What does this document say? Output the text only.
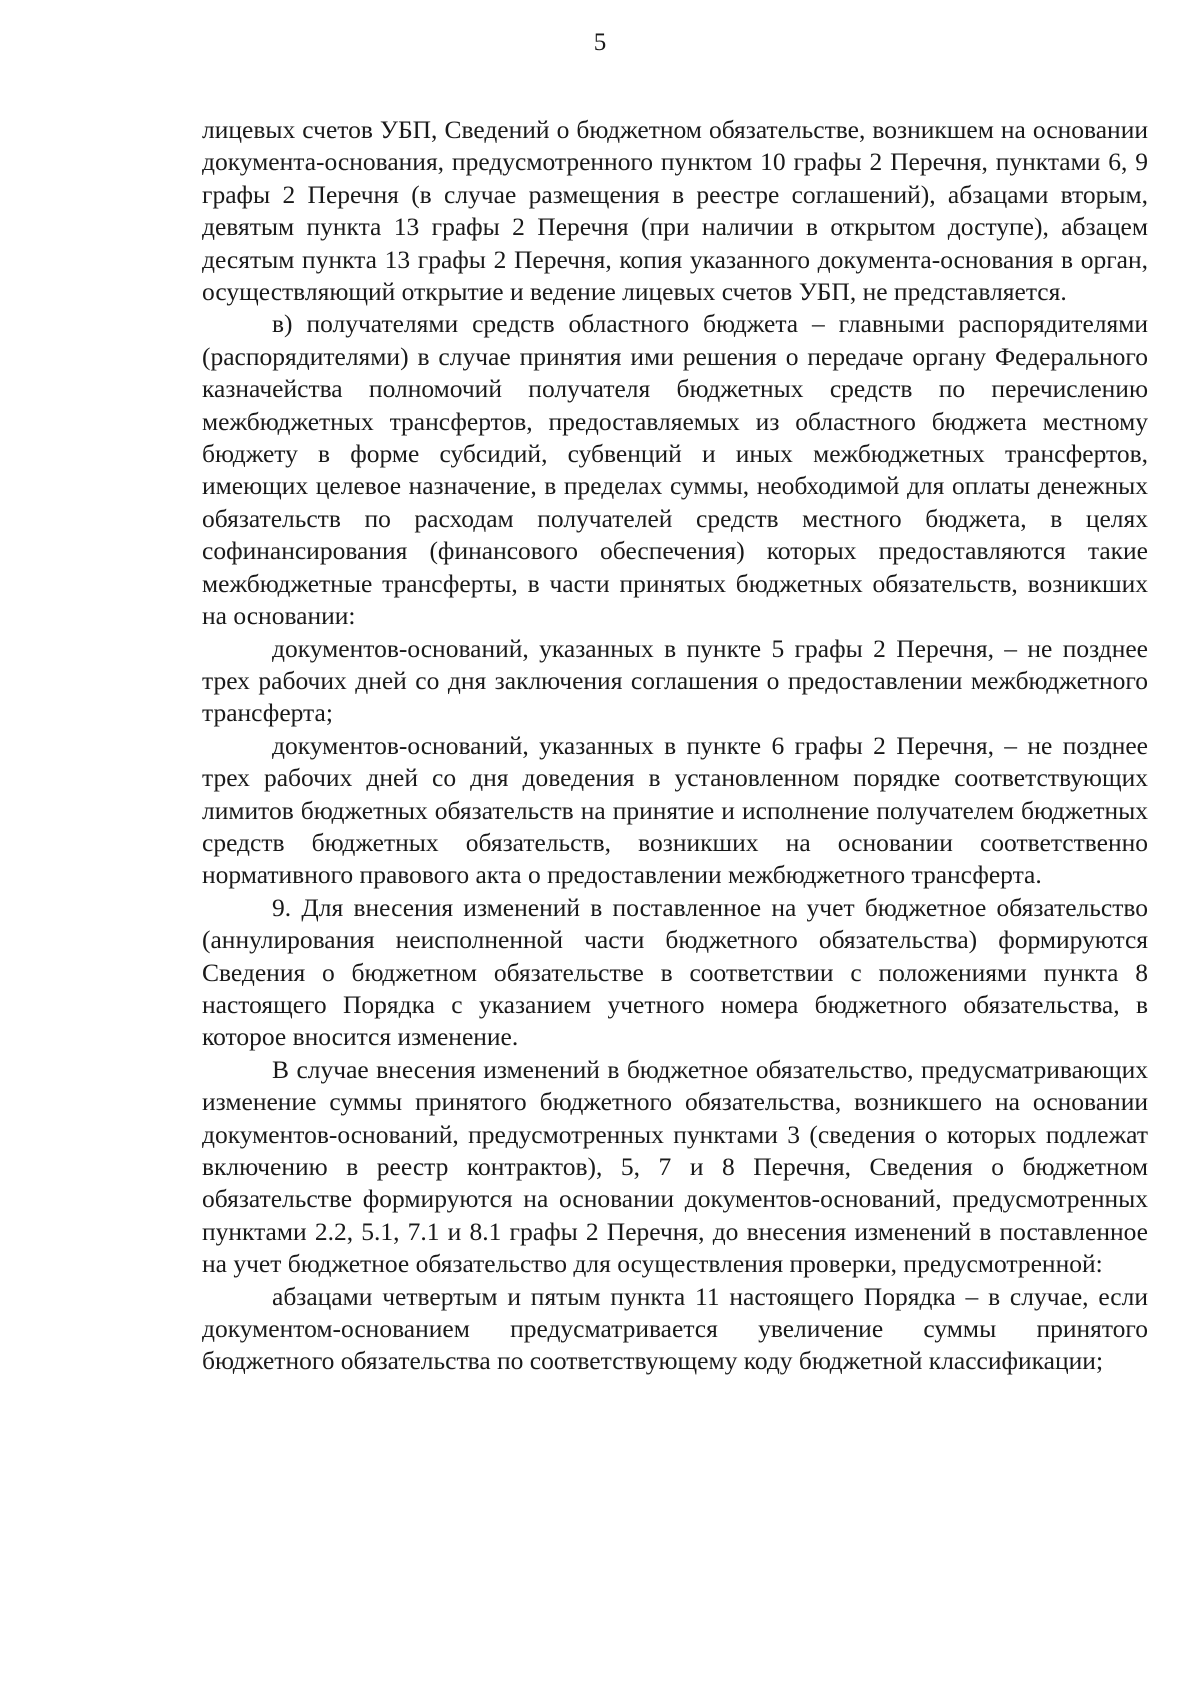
5

лицевых счетов УБП, Сведений о бюджетном обязательстве, возникшем на основании документа-основания, предусмотренного пунктом 10 графы 2 Перечня, пунктами 6, 9 графы 2 Перечня (в случае размещения в реестре соглашений), абзацами вторым, девятым пункта 13 графы 2 Перечня (при наличии в открытом доступе), абзацем десятым пункта 13 графы 2 Перечня, копия указанного документа-основания в орган, осуществляющий открытие и ведение лицевых счетов УБП, не представляется.

в) получателями средств областного бюджета – главными распорядителями (распорядителями) в случае принятия ими решения о передаче органу Федерального казначейства полномочий получателя бюджетных средств по перечислению межбюджетных трансфертов, предоставляемых из областного бюджета местному бюджету в форме субсидий, субвенций и иных межбюджетных трансфертов, имеющих целевое назначение, в пределах суммы, необходимой для оплаты денежных обязательств по расходам получателей средств местного бюджета, в целях софинансирования (финансового обеспечения) которых предоставляются такие межбюджетные трансферты, в части принятых бюджетных обязательств, возникших на основании:

документов-оснований, указанных в пункте 5 графы 2 Перечня, – не позднее трех рабочих дней со дня заключения соглашения о предоставлении межбюджетного трансферта;

документов-оснований, указанных в пункте 6 графы 2 Перечня, – не позднее трех рабочих дней со дня доведения в установленном порядке соответствующих лимитов бюджетных обязательств на принятие и исполнение получателем бюджетных средств бюджетных обязательств, возникших на основании соответственно нормативного правового акта о предоставлении межбюджетного трансферта.

9. Для внесения изменений в поставленное на учет бюджетное обязательство (аннулирования неисполненной части бюджетного обязательства) формируются Сведения о бюджетном обязательстве в соответствии с положениями пункта 8 настоящего Порядка с указанием учетного номера бюджетного обязательства, в которое вносится изменение.

В случае внесения изменений в бюджетное обязательство, предусматривающих изменение суммы принятого бюджетного обязательства, возникшего на основании документов-оснований, предусмотренных пунктами 3 (сведения о которых подлежат включению в реестр контрактов), 5, 7 и 8 Перечня, Сведения о бюджетном обязательстве формируются на основании документов-оснований, предусмотренных пунктами 2.2, 5.1, 7.1 и 8.1 графы 2 Перечня, до внесения изменений в поставленное на учет бюджетное обязательство для осуществления проверки, предусмотренной:

абзацами четвертым и пятым пункта 11 настоящего Порядка – в случае, если документом-основанием предусматривается увеличение суммы принятого бюджетного обязательства по соответствующему коду бюджетной классификации;
